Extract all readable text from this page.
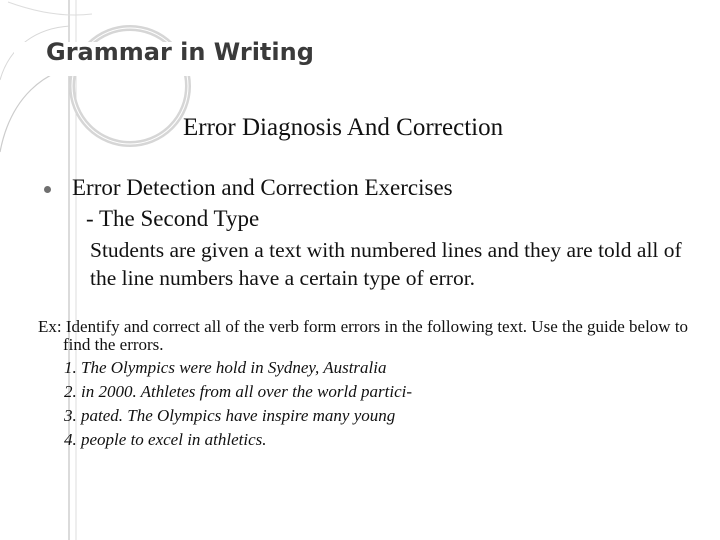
Grammar in Writing
Error Diagnosis And Correction
Error Detection and Correction Exercises
- The Second Type
Students are given a text with numbered lines and they are told all of the line numbers have a certain type of error.
Ex: Identify and correct all of the verb form errors in the following text. Use the guide below to find the errors.
1. The Olympics were hold in Sydney, Australia
2. in 2000. Athletes from all over the world partici-
3. pated. The Olympics have inspire many young
4. people to excel in athletics.
